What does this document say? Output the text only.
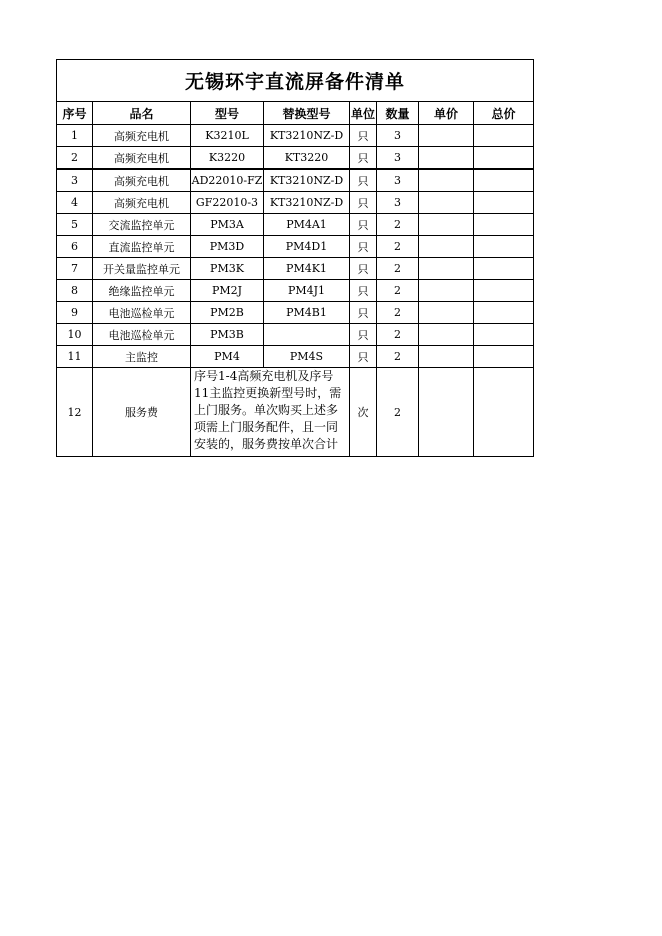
无锡环宇直流屏备件清单							
序号	品名	型号	替换型号	单位	数量	单价	总价
1	高频充电机	K3210L	KT3210NZ-D	只	3		
2	高频充电机	K3220	KT3220	只	3		
3	高频充电机	AD22010-FZ	KT3210NZ-D	只	3		
4	高频充电机	GF22010-3	KT3210NZ-D	只	3		
5	交流监控单元	PM3A	PM4A1	只	2		
6	直流监控单元	PM3D	PM4D1	只	2		
7	开关量监控单元	PM3K	PM4K1	只	2		
8	绝缘监控单元	PM2J	PM4J1	只	2		
9	电池巡检单元	PM2B	PM4B1	只	2		
10	电池巡检单元	PM3B		只	2		
11	主监控	PM4	PM4S	只	2		
12	服务费	序号1-4高频充电机及序号11主监控更换新型号时，需上门服务。单次购买上述多项需上门服务配件，且一同安装的，服务费按单次合计		次	2		
